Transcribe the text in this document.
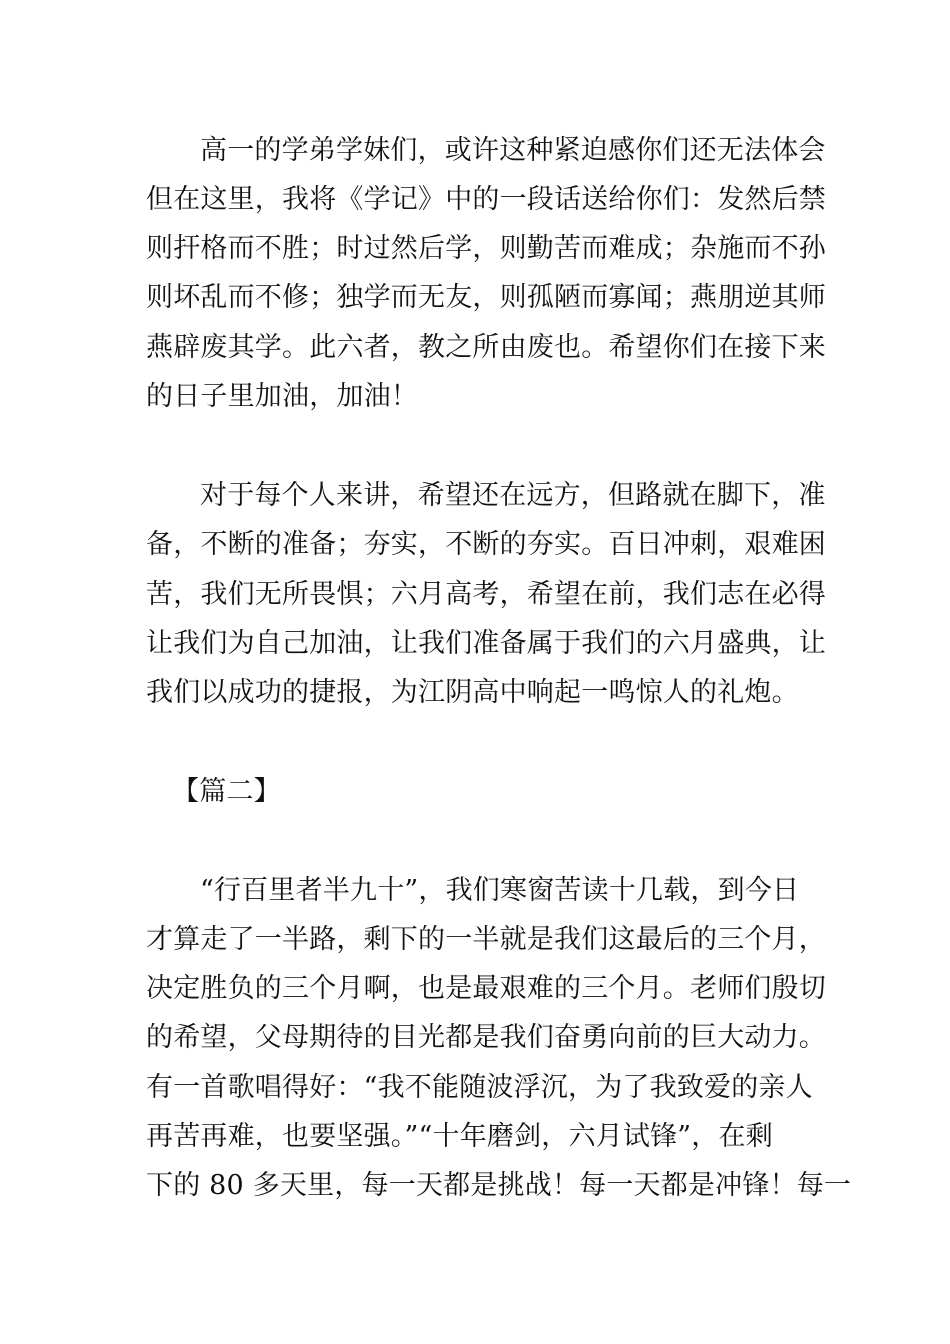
高一的学弟学妹们，或许这种紧迫感你们还无法体会
但在这里，我将《学记》中的一段话送给你们：发然后禁
则扞格而不胜；时过然后学，则勤苦而难成；杂施而不孙
则坏乱而不修；独学而无友，则孤陋而寡闻；燕朋逆其师
燕辟废其学。此六者，教之所由废也。希望你们在接下来
的日子里加油，加油！
对于每个人来讲，希望还在远方，但路就在脚下，准
备，不断的准备；夯实，不断的夯实。百日冲刺，艰难困
苦，我们无所畏惧；六月高考，希望在前，我们志在必得
让我们为自己加油，让我们准备属于我们的六月盛典，让
我们以成功的捷报，为江阴高中响起一鸣惊人的礼炮。
【篇二】
“行百里者半九十”，我们寒窗苦读十几载，到今日
才算走了一半路，剩下的一半就是我们这最后的三个月，
决定胜负的三个月啊，也是最艰难的三个月。老师们殷切
的希望，父母期待的目光都是我们奋勇向前的巨大动力。
有一首歌唱得好：“我不能随波浮沉，为了我致爱的亲人
再苦再难，也要坚强。”“十年磨剑，六月试锋”，在剩
下的 80 多天里，每一天都是挑战！每一天都是冲锋！每一
